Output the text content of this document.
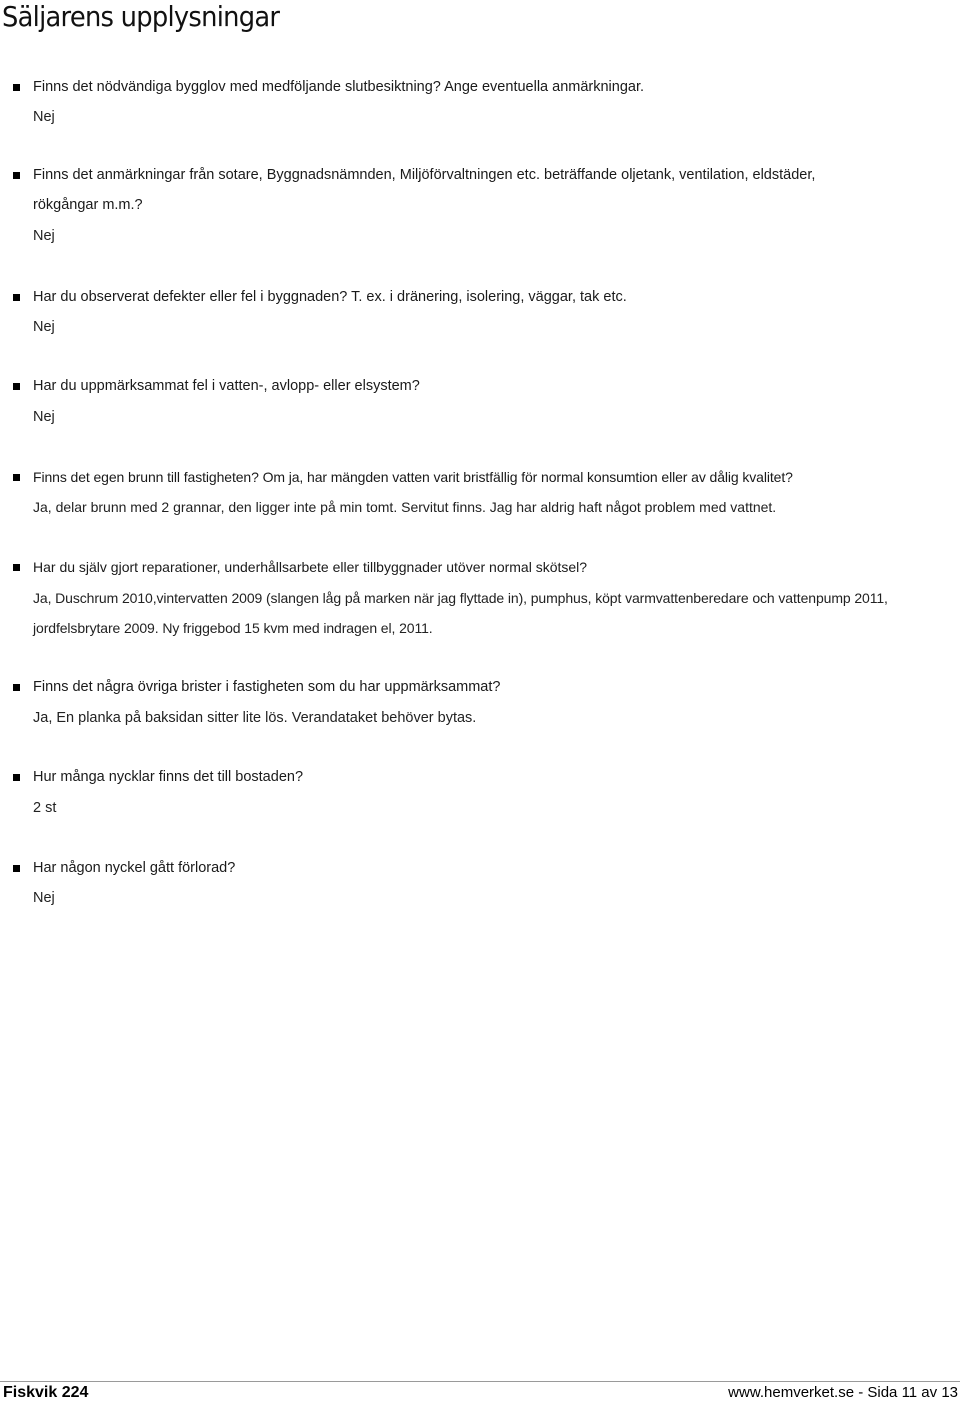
Säljarens upplysningar
Finns det nödvändiga bygglov med medföljande slutbesiktning? Ange eventuella anmärkningar.
Nej
Finns det anmärkningar från sotare, Byggnadsnämnden, Miljöförvaltningen etc. beträffande oljetank, ventilation, eldstäder, rökgångar m.m.?
Nej
Har du observerat defekter eller fel i byggnaden? T. ex. i dränering, isolering, väggar, tak etc.
Nej
Har du uppmärksammat fel i vatten-, avlopp- eller elsystem?
Nej
Finns det egen brunn till fastigheten? Om ja, har mängden vatten varit bristfällig för normal konsumtion eller av dålig kvalitet?
Ja, delar brunn med 2 grannar, den ligger inte på min tomt. Servitut finns. Jag har aldrig haft något problem med vattnet.
Har du själv gjort reparationer, underhållsarbete eller tillbyggnader utöver normal skötsel?
Ja, Duschrum 2010,vintervatten 2009 (slangen låg på marken när jag flyttade in), pumphus, köpt varmvattenberedare och vattenpump 2011, jordfelsbrytare 2009. Ny friggebod 15 kvm med indragen el, 2011.
Finns det några övriga brister i fastigheten som du har uppmärksammat?
Ja, En planka på baksidan sitter lite lös. Verandataket behöver bytas.
Hur många nycklar finns det till bostaden?
2 st
Har någon nyckel gått förlorad?
Nej
Fiskvik 224	www.hemverket.se - Sida 11 av 13
